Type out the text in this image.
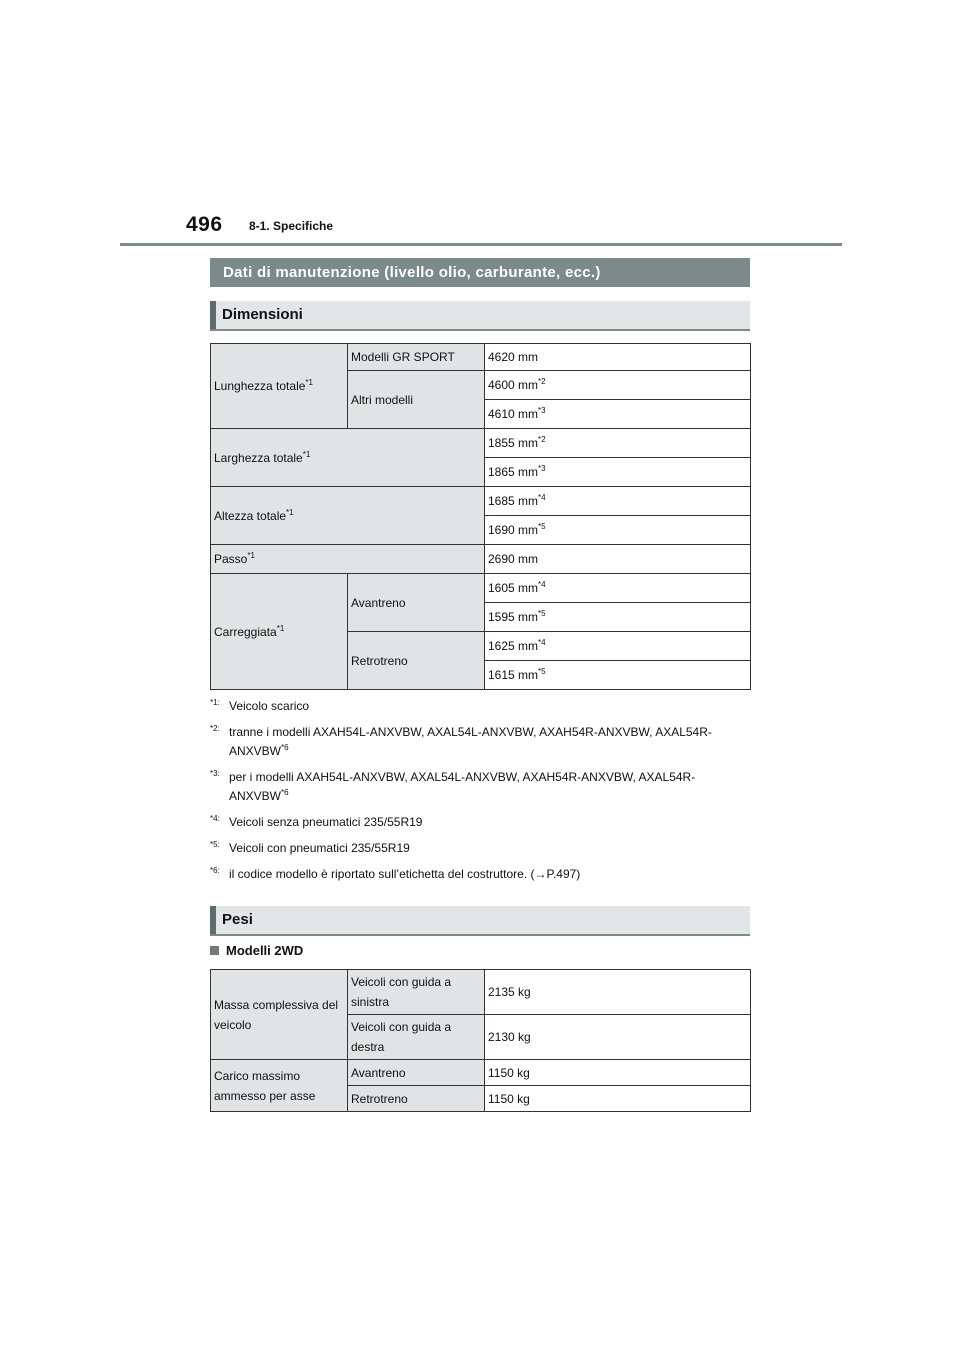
496 8-1. Specifiche
Dati di manutenzione (livello olio, carburante, ecc.)
Dimensioni
Lunghezza totale$^{*1}$	Modelli GR SPORT	4620 mm
	Altri modelli	4600 $mm^{*2}$
		4610 $mm^{*3}$
Larghezza totale$^{*1}$		1855 $mm^{*2}$
		1865 $mm^{*3}$
Altezza totale$^{*1}$		1685 $mm^{*4}$
		1690 $mm^{*5}$
Passo$^{*1}$		2690 mm
Carreggiata$^{*1}$	Avantreno	1605 $mm^{*4}$
		1595 $mm^{*5}$
	Retrotreno	1625 $mm^{*4}$
		1615 $mm^{*5}$
$^{*1:}$ Veicolo scarico
$^{*2:}$ tranne i modelli AXAH54L-ANXVBW, AXAL54L-ANXVBW, AXAH54R-ANXVBW, AXAL54R-ANXVBW$^{*6}$
$^{*3:}$ per i modelli AXAH54L-ANXVBW, AXAL54L-ANXVBW, AXAH54R-ANXVBW, AXAL54R-ANXVBW$^{*6}$
$^{*4:}$ Veicoli senza pneumatici 235/55R19
$^{*5:}$ Veicoli con pneumatici 235/55R19
$^{*6:}$ il codice modello è riportato sull’etichetta del costruttore. (→P.497)
Pesi
Modelli 2WD
Massa complessiva del veicolo	Veicoli con guida a sinistra	2135 kg
	Veicoli con guida a destra	2130 kg
Carico massimo ammesso per asse	Avantreno	1150 kg
	Retrotreno	1150 kg
